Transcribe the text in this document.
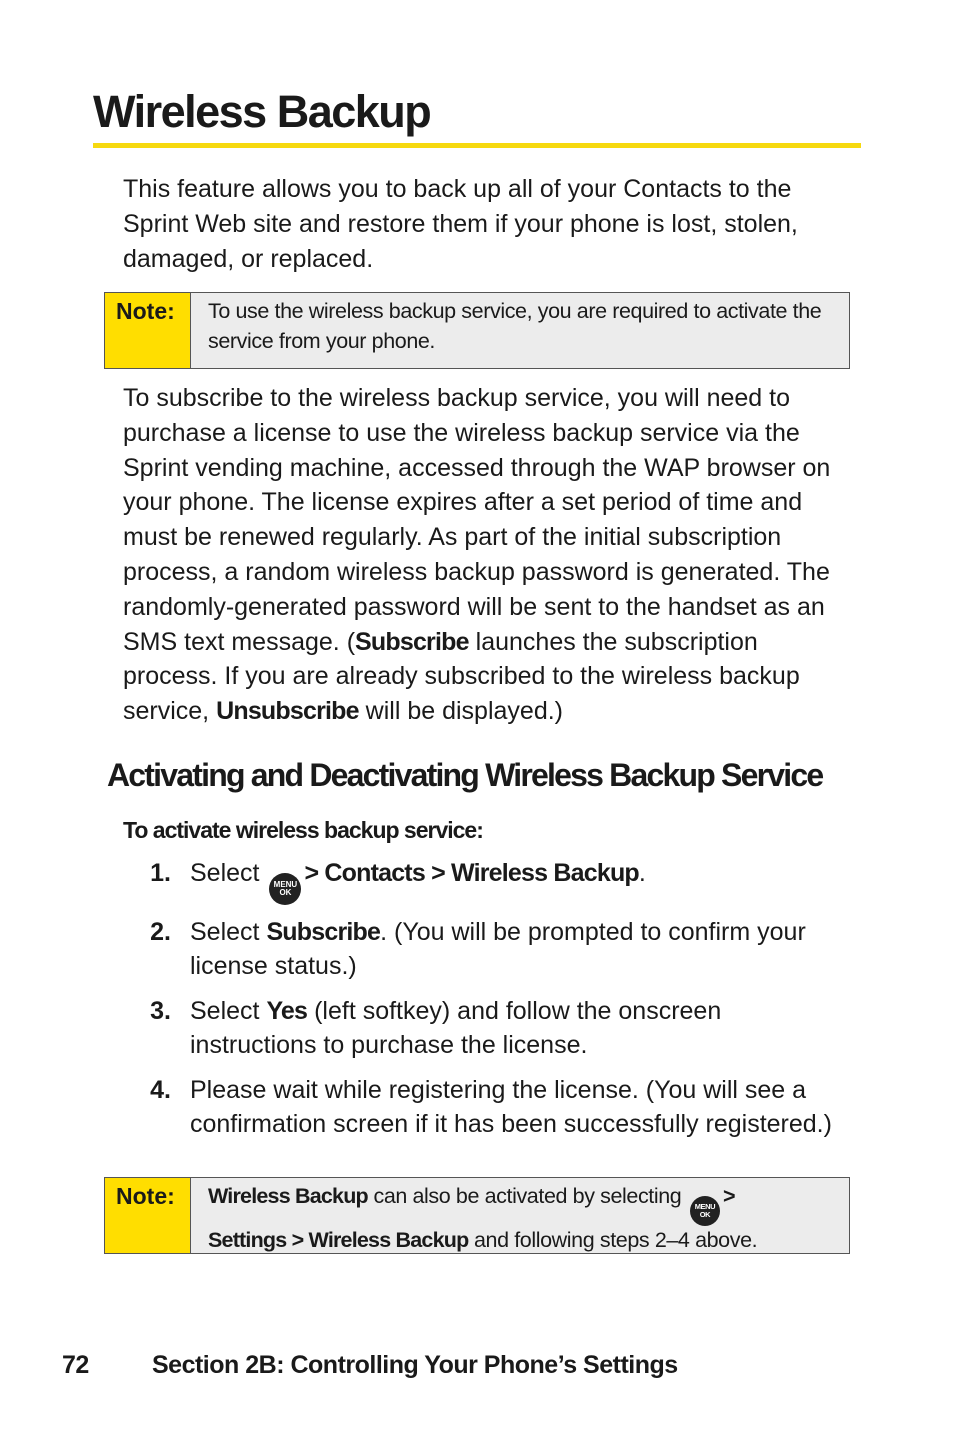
Wireless Backup

This feature allows you to back up all of your Contacts to the Sprint Web site and restore them if your phone is lost, stolen, damaged, or replaced.

Note:	To use the wireless backup service, you are required to activate the service from your phone.

To subscribe to the wireless backup service, you will need to purchase a license to use the wireless backup service via the Sprint vending machine, accessed through the WAP browser on your phone. The license expires after a set period of time and must be renewed regularly. As part of the initial subscription process, a random wireless backup password is generated. The randomly-generated password will be sent to the handset as an SMS text message. (Subscribe launches the subscription process. If you are already subscribed to the wireless backup service, Unsubscribe will be displayed.)

Activating and Deactivating Wireless Backup Service
To activate wireless backup service:
1. Select MENU
OK
> Contacts > Wireless Backup.
2. Select Subscribe. (You will be prompted to confirm your license status.)
3. Select Yes (left softkey) and follow the onscreen instructions to purchase the license.
4. Please wait while registering the license. (You will see a confirmation screen if it has been successfully registered.)
Note:	Wireless Backup can also be activated by selecting MENU
OK
>
Settings > Wireless Backup and following steps 2–4 above.
72	Section 2B: Controlling Your Phone’s Settings
